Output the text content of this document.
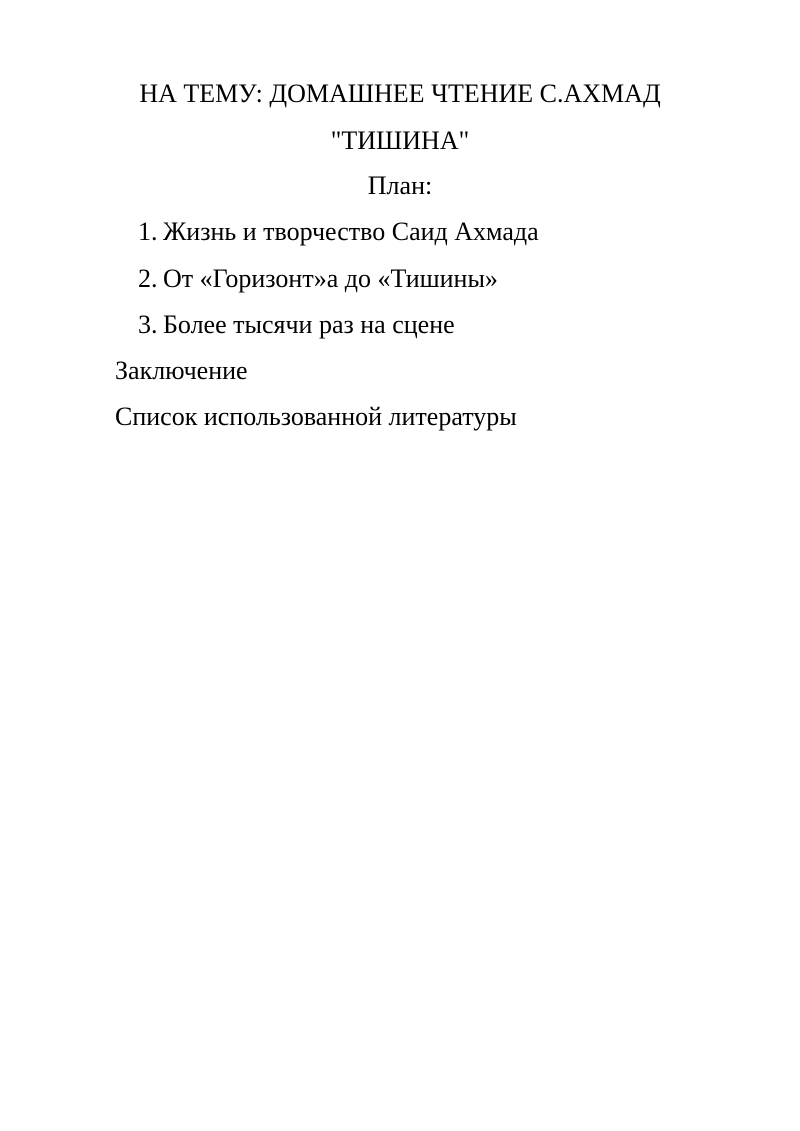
НА ТЕМУ: ДОМАШНЕЕ ЧТЕНИЕ С.АХМАД
"ТИШИНА"
План:
1. Жизнь и творчество Саид Ахмада
2. От «Горизонт»а до «Тишины»
3. Более тысячи раз на сцене
Заключение
Список использованной литературы
